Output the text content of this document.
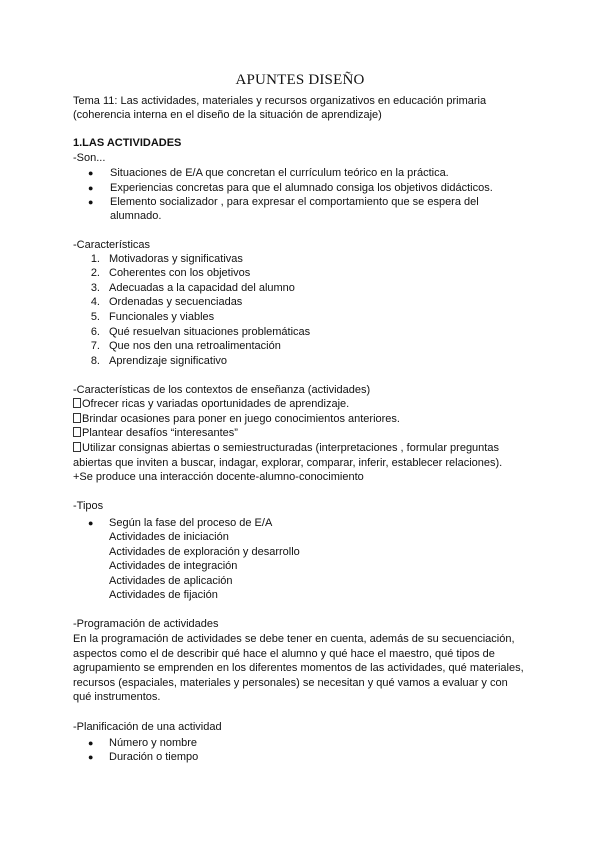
APUNTES DISEÑO
Tema 11: Las actividades, materiales y recursos organizativos en educación primaria
(coherencia interna en el diseño de la situación de aprendizaje)
1.LAS ACTIVIDADES
-Son...
● Situaciones de E/A que concretan el currículum teórico en la práctica.
● Experiencias concretas para que el alumnado consiga los objetivos didácticos.
● Elemento socializador , para expresar el comportamiento que se espera del
alumnado.
-Características
1. Motivadoras y significativas
2. Coherentes con los objetivos
3. Adecuadas a la capacidad del alumno
4. Ordenadas y secuenciadas
5. Funcionales y viables
6. Qué resuelvan situaciones problemáticas
7. Que nos den una retroalimentación
8. Aprendizaje significativo
-Características de los contextos de enseñanza (actividades)
Ofrecer ricas y variadas oportunidades de aprendizaje.
Brindar ocasiones para poner en juego conocimientos anteriores.
Plantear desafíos “interesantes”
Utilizar consignas abiertas o semiestructuradas (interpretaciones , formular preguntas
abiertas que inviten a buscar, indagar, explorar, comparar, inferir, establecer relaciones).
+Se produce una interacción docente-alumno-conocimiento
-Tipos
● Según la fase del proceso de E/A
Actividades de iniciación
Actividades de exploración y desarrollo
Actividades de integración
Actividades de aplicación
Actividades de fijación
-Programación de actividades
En la programación de actividades se debe tener en cuenta, además de su secuenciación,
aspectos como el de describir qué hace el alumno y qué hace el maestro, qué tipos de
agrupamiento se emprenden en los diferentes momentos de las actividades, qué materiales,
recursos (espaciales, materiales y personales) se necesitan y qué vamos a evaluar y con
qué instrumentos.
-Planificación de una actividad
● Número y nombre
● Duración o tiempo
